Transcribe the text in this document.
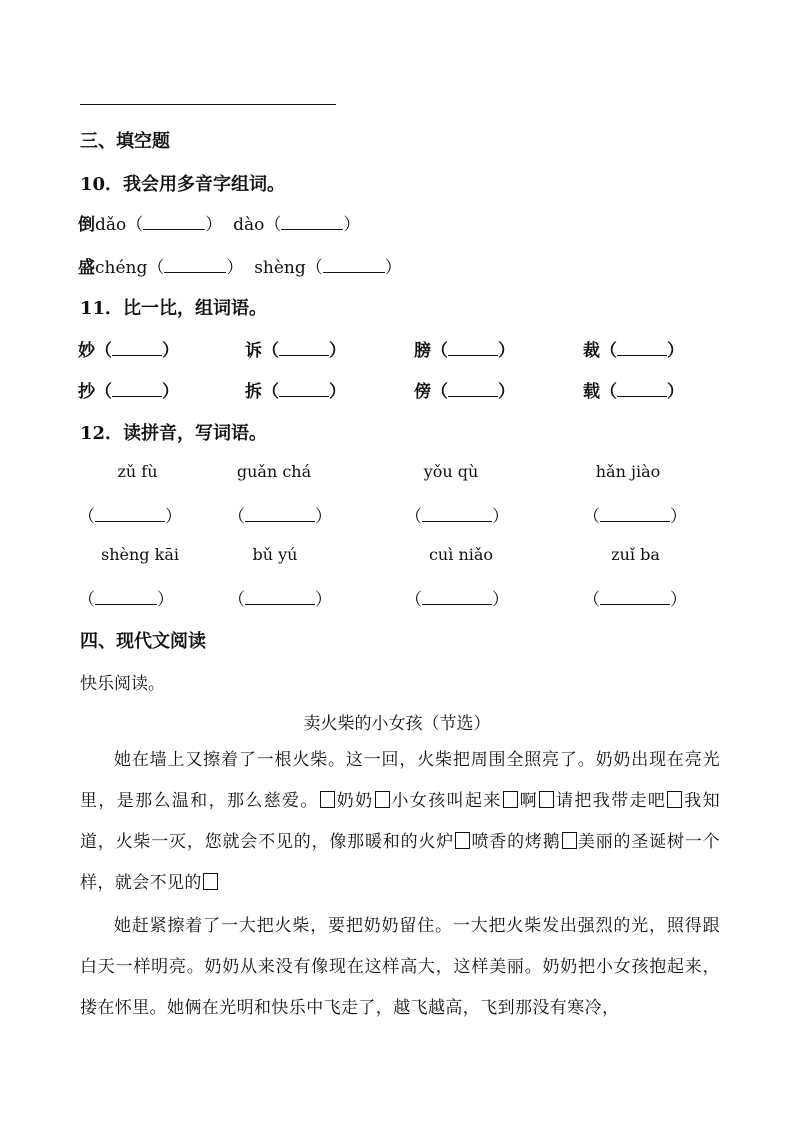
三、填空题
10．我会用多音字组词。
倒dǎo（	）  dào（	）
盛chéng（	）  shèng（	）
11．比一比，组词语。
妙（	）	诉（	）	膀（	）	裁（	）
抄（	）	拆（	）	傍（	）	载（	）
12．读拼音，写词语。
zǔ fù	guǎn chá	yǒu qù	hǎn jiào
（	）	（	）	（	）	（	）
shèng kāi	bǔ yú	cuì niǎo	zuǐ ba
（	）	（	）	（	）	（	）
四、现代文阅读
快乐阅读。
卖火柴的小女孩（节选）

她在墙上又擦着了一根火柴。这一回，火柴把周围全照亮了。奶奶出现在亮光里，是那么温和，那么慈爱。 奶奶 小女孩叫起来 啊 请把我带走吧 我知道，火柴一灭，您就会不见的，像那暖和的火炉 喷香的烤鹅 美丽的圣诞树一个样，就会不见的

她赶紧擦着了一大把火柴，要把奶奶留住。一大把火柴发出强烈的光，照得跟白天一样明亮。奶奶从来没有像现在这样高大，这样美丽。奶奶把小女孩抱起来，搂在怀里。她俩在光明和快乐中飞走了，越飞越高，飞到那没有寒冷，
